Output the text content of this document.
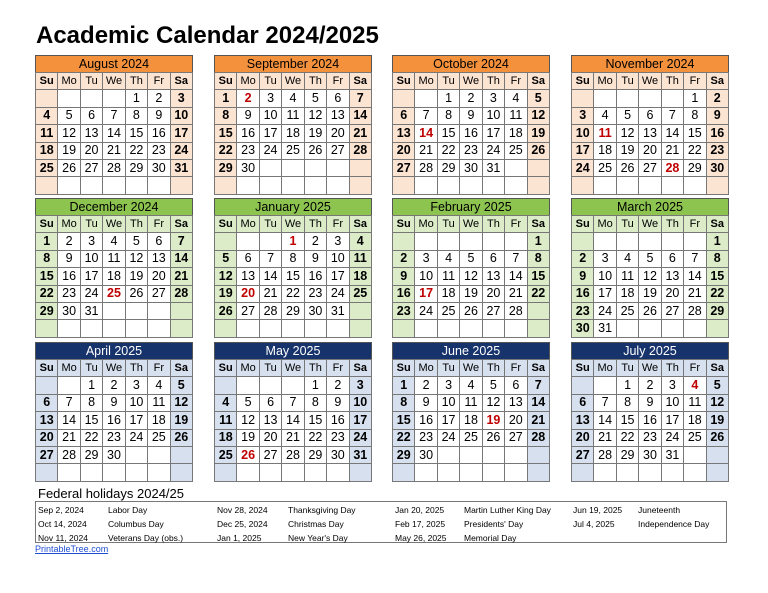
Academic Calendar 2024/2025
August 2024
Su	Mo	Tu	We	Th	Fr	Sa
				1	2	3
4	5	6	7	8	9	10
11	12	13	14	15	16	17
18	19	20	21	22	23	24
25	26	27	28	29	30	31

September 2024
Su	Mo	Tu	We	Th	Fr	Sa
1	2	3	4	5	6	7
8	9	10	11	12	13	14
15	16	17	18	19	20	21
22	23	24	25	26	27	28
29	30					

October 2024
Su	Mo	Tu	We	Th	Fr	Sa
		1	2	3	4	5
6	7	8	9	10	11	12
13	14	15	16	17	18	19
20	21	22	23	24	25	26
27	28	29	30	31		

November 2024
Su	Mo	Tu	We	Th	Fr	Sa
					1	2
3	4	5	6	7	8	9
10	11	12	13	14	15	16
17	18	19	20	21	22	23
24	25	26	27	28	29	30

December 2024
Su	Mo	Tu	We	Th	Fr	Sa
1	2	3	4	5	6	7
8	9	10	11	12	13	14
15	16	17	18	19	20	21
22	23	24	25	26	27	28
29	30	31				

January 2025
Su	Mo	Tu	We	Th	Fr	Sa
			1	2	3	4
5	6	7	8	9	10	11
12	13	14	15	16	17	18
19	20	21	22	23	24	25
26	27	28	29	30	31	

February 2025
Su	Mo	Tu	We	Th	Fr	Sa
						1
2	3	4	5	6	7	8
9	10	11	12	13	14	15
16	17	18	19	20	21	22
23	24	25	26	27	28	

March 2025
Su	Mo	Tu	We	Th	Fr	Sa
						1
2	3	4	5	6	7	8
9	10	11	12	13	14	15
16	17	18	19	20	21	22
23	24	25	26	27	28	29
30	31					
April 2025
Su	Mo	Tu	We	Th	Fr	Sa
		1	2	3	4	5
6	7	8	9	10	11	12
13	14	15	16	17	18	19
20	21	22	23	24	25	26
27	28	29	30			

May 2025
Su	Mo	Tu	We	Th	Fr	Sa
				1	2	3
4	5	6	7	8	9	10
11	12	13	14	15	16	17
18	19	20	21	22	23	24
25	26	27	28	29	30	31

June 2025
Su	Mo	Tu	We	Th	Fr	Sa
1	2	3	4	5	6	7
8	9	10	11	12	13	14
15	16	17	18	19	20	21
22	23	24	25	26	27	28
29	30					

July 2025
Su	Mo	Tu	We	Th	Fr	Sa
		1	2	3	4	5
6	7	8	9	10	11	12
13	14	15	16	17	18	19
20	21	22	23	24	25	26
27	28	29	30	31		

Federal holidays 2024/25
Sep 2, 2024	Labor Day
Oct 14, 2024	Columbus Day
Nov 11, 2024 Veterans Day (obs.)
Nov 28, 2024 Thanksgiving Day
Dec 25, 2024 Christmas Day
Jan 1, 2025	New Year's Day
Jan 20, 2025 Martin Luther King Day
Feb 17, 2025 Presidents' Day
May 26, 2025 Memorial Day
Jun 19, 2025 Juneteenth
Jul 4, 2025	Independence Day
PrintableTree.com
